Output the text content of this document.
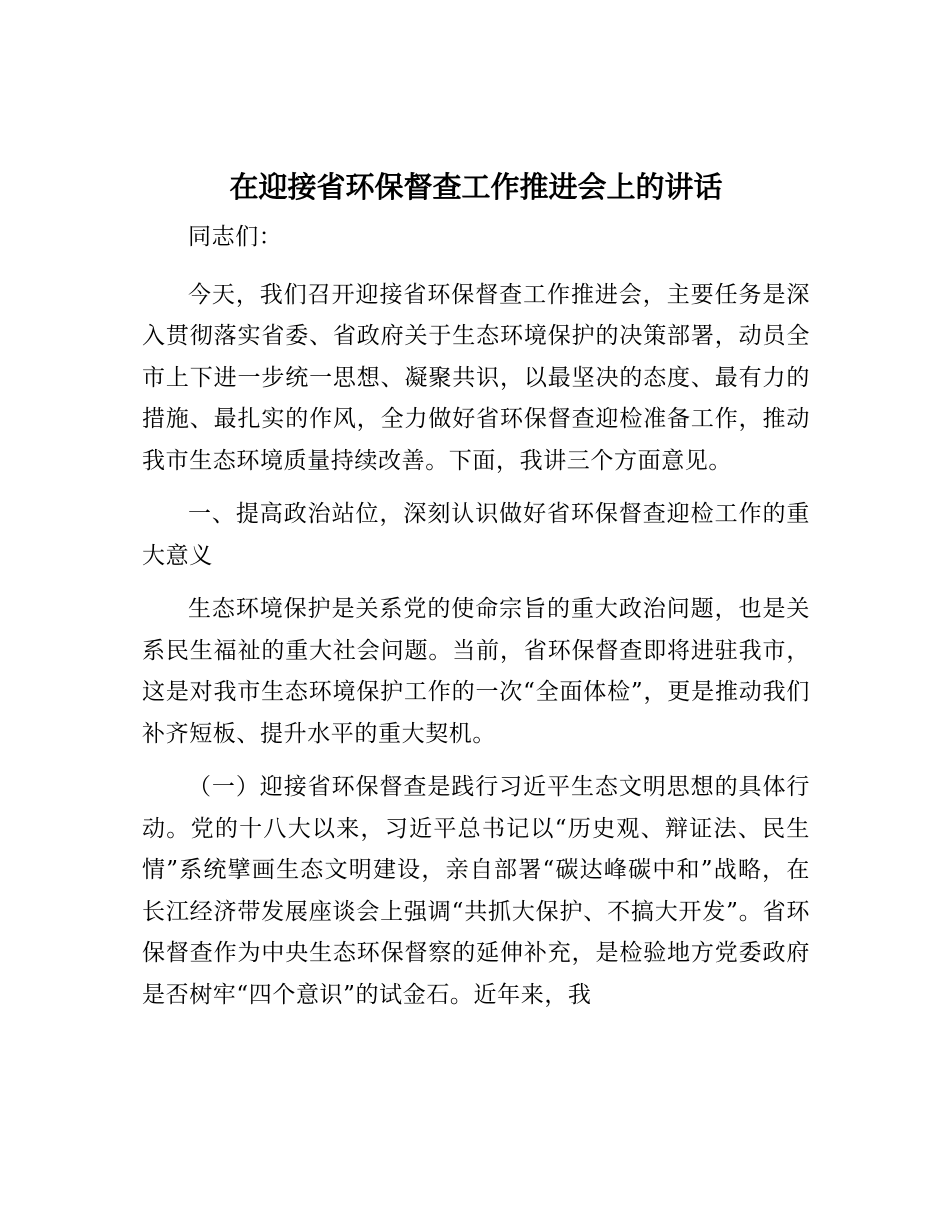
在迎接省环保督查工作推进会上的讲话
同志们：
今天，我们召开迎接省环保督查工作推进会，主要任务是深入贯彻落实省委、省政府关于生态环境保护的决策部署，动员全市上下进一步统一思想、凝聚共识，以最坚决的态度、最有力的措施、最扎实的作风，全力做好省环保督查迎检准备工作，推动我市生态环境质量持续改善。下面，我讲三个方面意见。
一、提高政治站位，深刻认识做好省环保督查迎检工作的重大意义
生态环境保护是关系党的使命宗旨的重大政治问题，也是关系民生福祉的重大社会问题。当前，省环保督查即将进驻我市，这是对我市生态环境保护工作的一次“全面体检”，更是推动我们补齐短板、提升水平的重大契机。
（一）迎接省环保督查是践行习近平生态文明思想的具体行动。党的十八大以来，习近平总书记以“历史观、辩证法、民生情”系统擘画生态文明建设，亲自部署“碳达峰碳中和”战略，在长江经济带发展座谈会上强调“共抓大保护、不搞大开发”。省环保督查作为中央生态环保督察的延伸补充，是检验地方党委政府是否树牢“四个意识”的试金石。近年来，我
